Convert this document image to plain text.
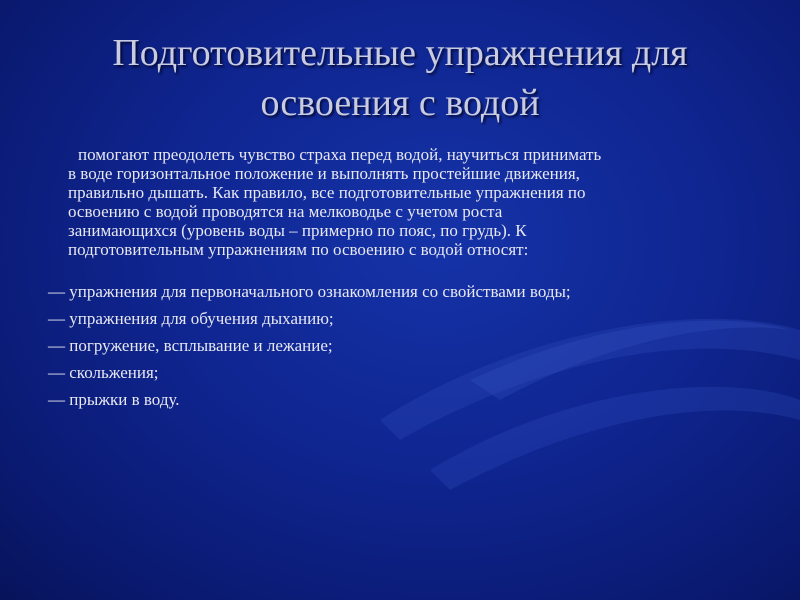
Подготовительные упражнения для
освоения с водой
помогают преодолеть чувство страха перед водой, научиться принимать
в воде горизонтальное положение и выполнять простейшие движения,
правильно дышать. Как правило, все подготовительные упражнения по
освоению с водой проводятся на мелководье с учетом роста
занимающихся (уровень воды – примерно по пояс, по грудь). К
подготовительным упражнениям по освоению с водой относят:
— упражнения для первоначального ознакомления со свойствами воды;
— упражнения для обучения дыханию;
— погружение, всплывание и лежание;
— скольжения;
— прыжки в воду.
